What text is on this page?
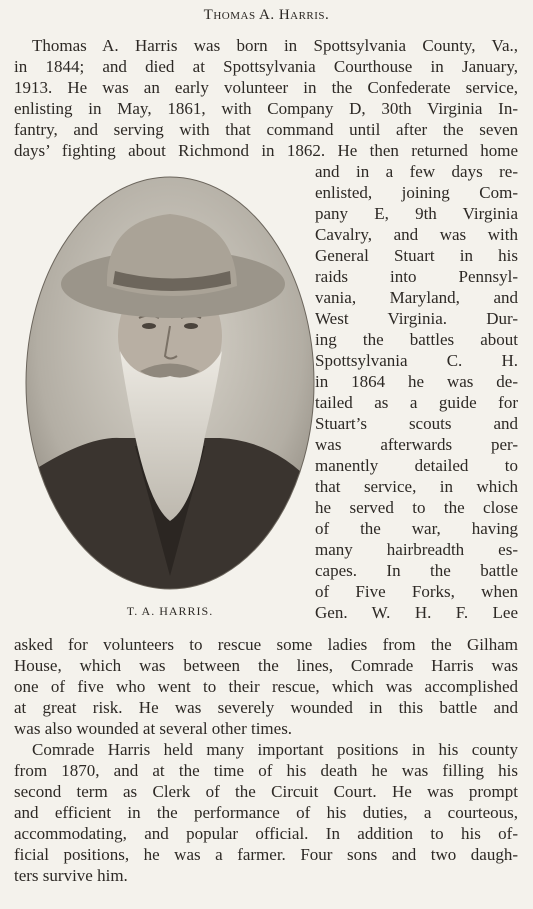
Thomas A. Harris.
Thomas A. Harris was born in Spottsylvania County, Va.,
in 1844; and died at Spottsylvania Courthouse in January,
1913. He was an early volunteer in the Confederate service,
enlisting in May, 1861, with Company D, 30th Virginia In-
fantry, and serving with that command until after the seven
days’ fighting about Richmond in 1862. He then returned home
T. A. HARRIS.
and in a few days re-
enlisted, joining Com-
pany E, 9th Virginia
Cavalry, and was with
General Stuart in his
raids into Pennsyl-
vania, Maryland, and
West Virginia. Dur-
ing the battles about
Spottsylvania C. H.
in 1864 he was de-
tailed as a guide for
Stuart’s scouts and
was afterwards per-
manently detailed to
that service, in which
he served to the close
of the war, having
many hairbreadth es-
capes. In the battle
of Five Forks, when
Gen. W. H. F. Lee
asked for volunteers to rescue some ladies from the Gilham
House, which was between the lines, Comrade Harris was
one of five who went to their rescue, which was accomplished
at great risk. He was severely wounded in this battle and
was also wounded at several other times.
Comrade Harris held many important positions in his county
from 1870, and at the time of his death he was filling his
second term as Clerk of the Circuit Court. He was prompt
and efficient in the performance of his duties, a courteous,
accommodating, and popular official. In addition to his of-
ficial positions, he was a farmer. Four sons and two daugh-
ters survive him.
